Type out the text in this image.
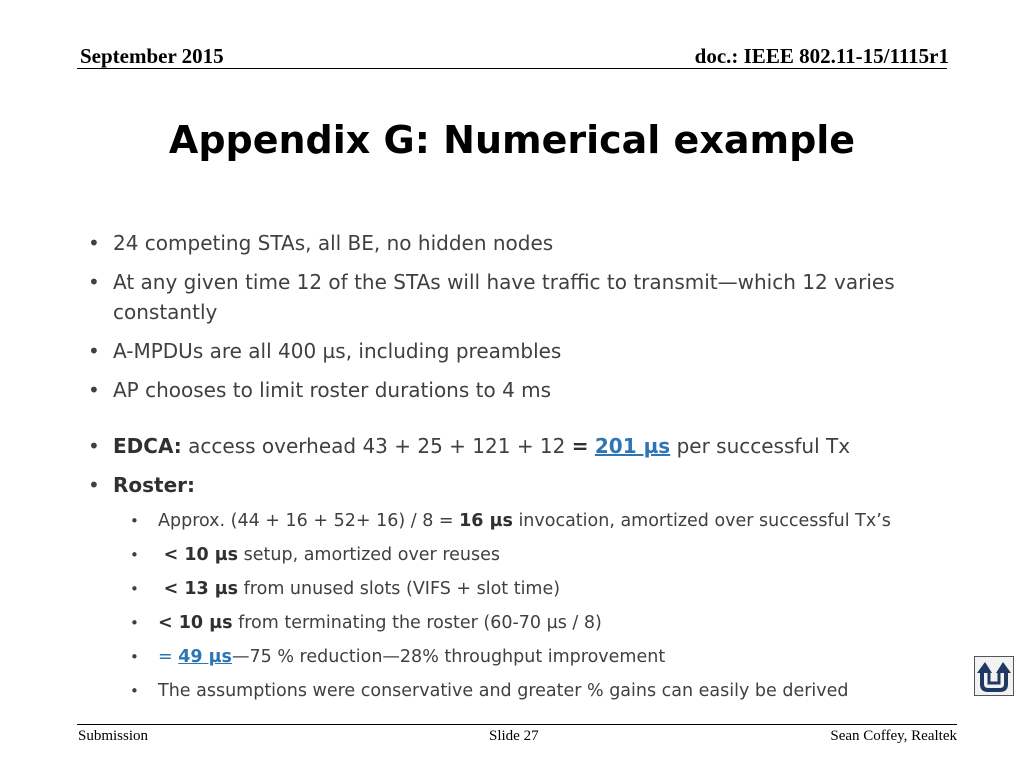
September 2015	doc.: IEEE 802.11-15/1115r1
Appendix G: Numerical example
• 24 competing STAs, all BE, no hidden nodes
• At any given time 12 of the STAs will have traffic to transmit—which 12 varies constantly
• A-MPDUs are all 400 µs, including preambles
• AP chooses to limit roster durations to 4 ms
• EDCA: access overhead 43 + 25 + 121 + 12 = 201 µs per successful Tx
• Roster:
• Approx. (44 + 16 + 52+ 16) / 8 = 16 µs invocation, amortized over successful Tx’s
• < 10 µs setup, amortized over reuses
• < 13 µs from unused slots (VIFS + slot time)
• < 10 µs from terminating the roster (60-70 µs / 8)
• = 49 µs—75 % reduction—28% throughput improvement
• The assumptions were conservative and greater % gains can easily be derived
Submission	Slide 27	Sean Coffey, Realtek
